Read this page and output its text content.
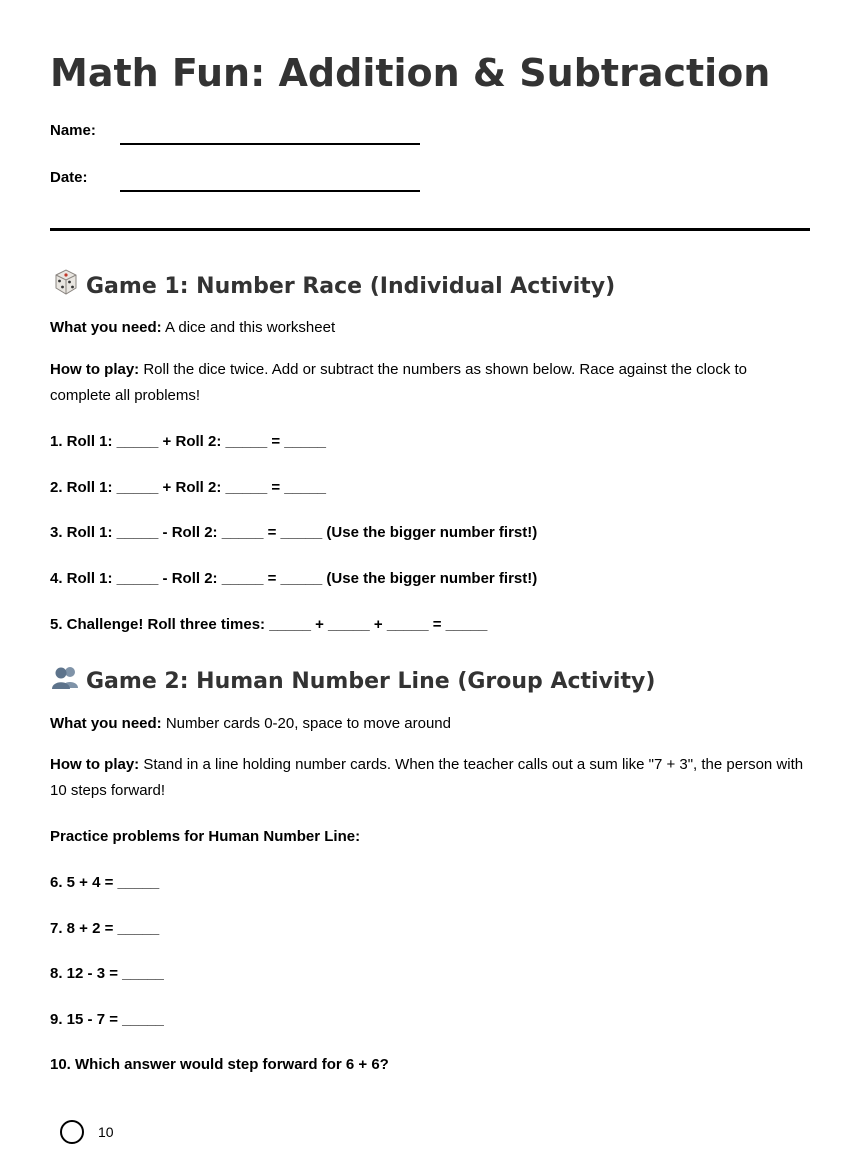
Math Fun: Addition & Subtraction
Name:
Date:
Game 1: Number Race (Individual Activity)

What you need: A dice and this worksheet

How to play: Roll the dice twice. Add or subtract the numbers as shown below. Race against the clock to complete all problems!

1. Roll 1: _____ + Roll 2: _____ = _____

2. Roll 1: _____ + Roll 2: _____ = _____

3. Roll 1: _____ - Roll 2: _____ = _____ (Use the bigger number first!)

4. Roll 1: _____ - Roll 2: _____ = _____ (Use the bigger number first!)

5. Challenge! Roll three times: _____ + _____ + _____ = _____

Game 2: Human Number Line (Group Activity)

What you need: Number cards 0-20, space to move around

How to play: Stand in a line holding number cards. When the teacher calls out a sum like "7 + 3", the person with 10 steps forward!

Practice problems for Human Number Line:

6. 5 + 4 = _____

7. 8 + 2 = _____

8. 12 - 3 = _____

9. 15 - 7 = _____

10. Which answer would step forward for 6 + 6?

10
